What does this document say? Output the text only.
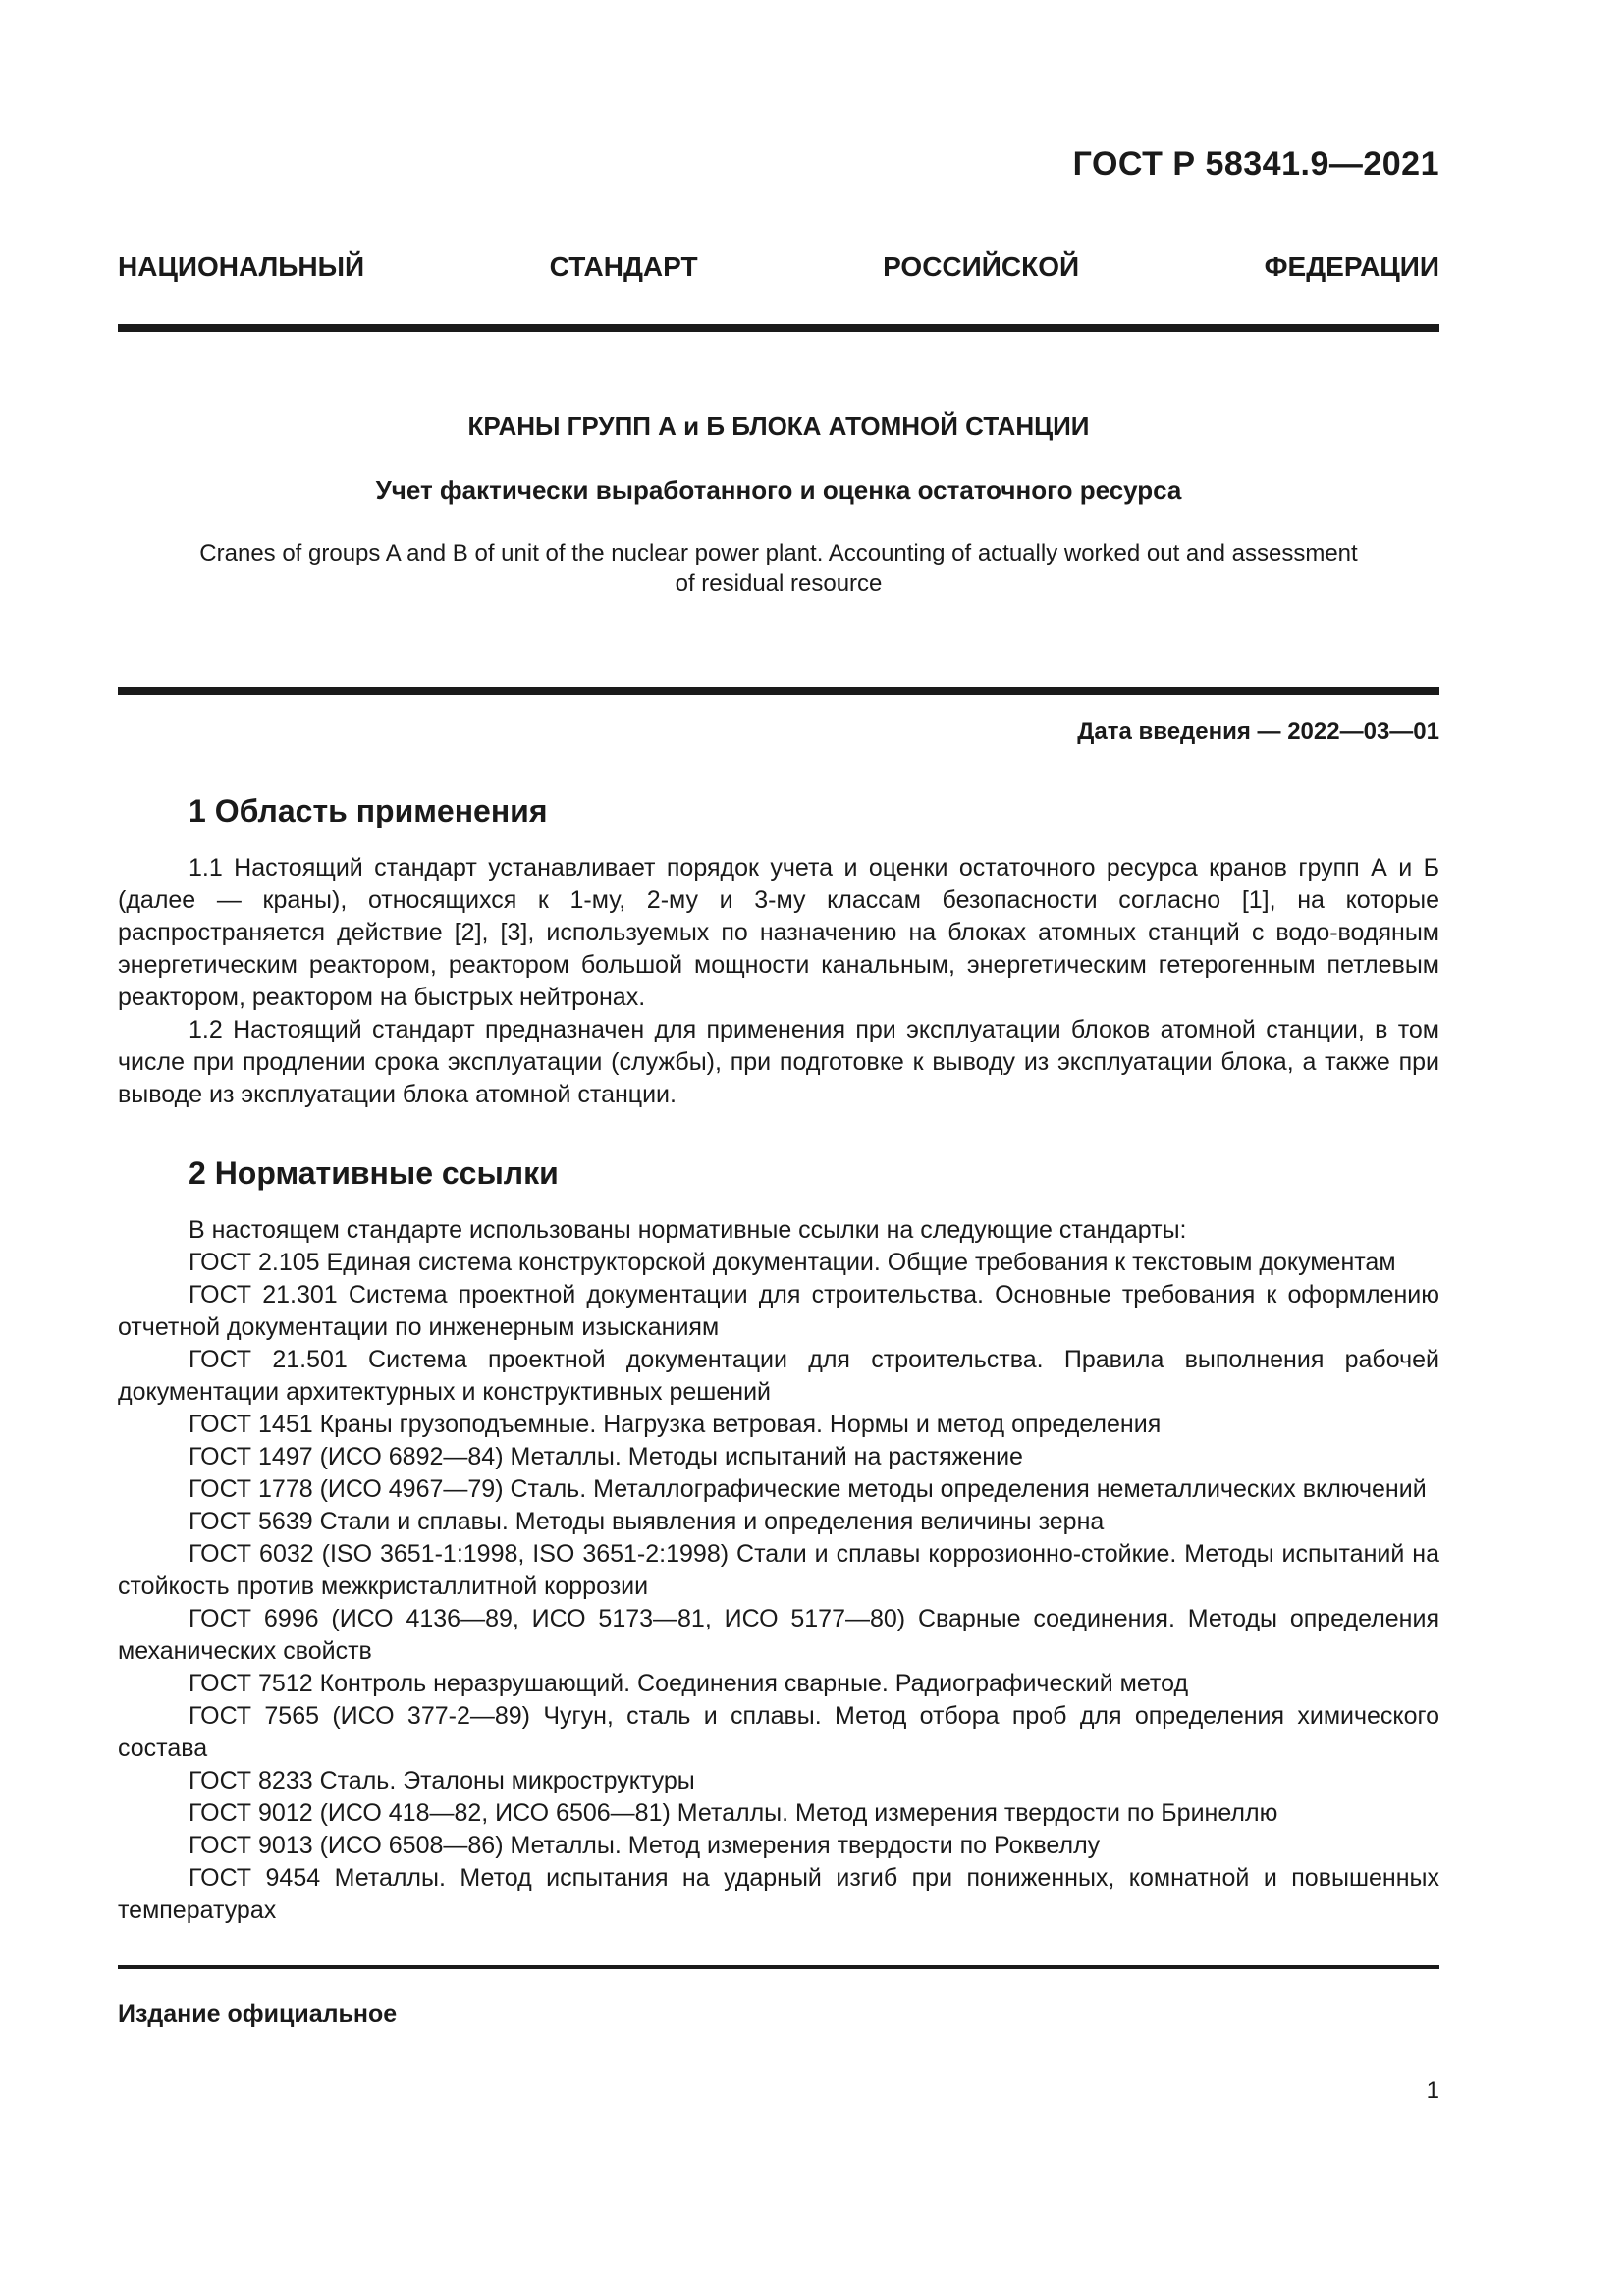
ГОСТ Р 58341.9—2021
НАЦИОНАЛЬНЫЙ	СТАНДАРТ	РОССИЙСКОЙ	ФЕДЕРАЦИИ
КРАНЫ ГРУПП А и Б БЛОКА АТОМНОЙ СТАНЦИИ
Учет фактически выработанного и оценка остаточного ресурса
Cranes of groups A and B of unit of the nuclear power plant. Accounting of actually worked out and assessment
of residual resource
Дата введения — 2022—03—01
1 Область применения

1.1 Настоящий стандарт устанавливает порядок учета и оценки остаточного ресурса кранов групп А и Б (далее — краны), относящихся к 1-му, 2-му и 3-му классам безопасности согласно [1], на которые распространяется действие [2], [3], используемых по назначению на блоках атомных станций с водо-водяным энергетическим реактором, реактором большой мощности канальным, энергетическим гетерогенным петлевым реактором, реактором на быстрых нейтронах.

1.2 Настоящий стандарт предназначен для применения при эксплуатации блоков атомной станции, в том числе при продлении срока эксплуатации (службы), при подготовке к выводу из эксплуатации блока, а также при выводе из эксплуатации блока атомной станции.

2 Нормативные ссылки

В настоящем стандарте использованы нормативные ссылки на следующие стандарты:

ГОСТ 2.105 Единая система конструкторской документации. Общие требования к текстовым документам

ГОСТ 21.301 Система проектной документации для строительства. Основные требования к оформлению отчетной документации по инженерным изысканиям

ГОСТ 21.501 Система проектной документации для строительства. Правила выполнения рабочей документации архитектурных и конструктивных решений

ГОСТ 1451 Краны грузоподъемные. Нагрузка ветровая. Нормы и метод определения

ГОСТ 1497 (ИСО 6892—84) Металлы. Методы испытаний на растяжение

ГОСТ 1778 (ИСО 4967—79) Сталь. Металлографические методы определения неметаллических включений

ГОСТ 5639 Стали и сплавы. Методы выявления и определения величины зерна

ГОСТ 6032 (ISO 3651-1:1998, ISO 3651-2:1998) Стали и сплавы коррозионно-стойкие. Методы испытаний на стойкость против межкристаллитной коррозии

ГОСТ 6996 (ИСО 4136—89, ИСО 5173—81, ИСО 5177—80) Сварные соединения. Методы определения механических свойств

ГОСТ 7512 Контроль неразрушающий. Соединения сварные. Радиографический метод

ГОСТ 7565 (ИСО 377-2—89) Чугун, сталь и сплавы. Метод отбора проб для определения химического состава

ГОСТ 8233 Сталь. Эталоны микроструктуры

ГОСТ 9012 (ИСО 418—82, ИСО 6506—81) Металлы. Метод измерения твердости по Бринеллю

ГОСТ 9013 (ИСО 6508—86) Металлы. Метод измерения твердости по Роквеллу

ГОСТ 9454 Металлы. Метод испытания на ударный изгиб при пониженных, комнатной и повышенных температурах

Издание официальное
1
